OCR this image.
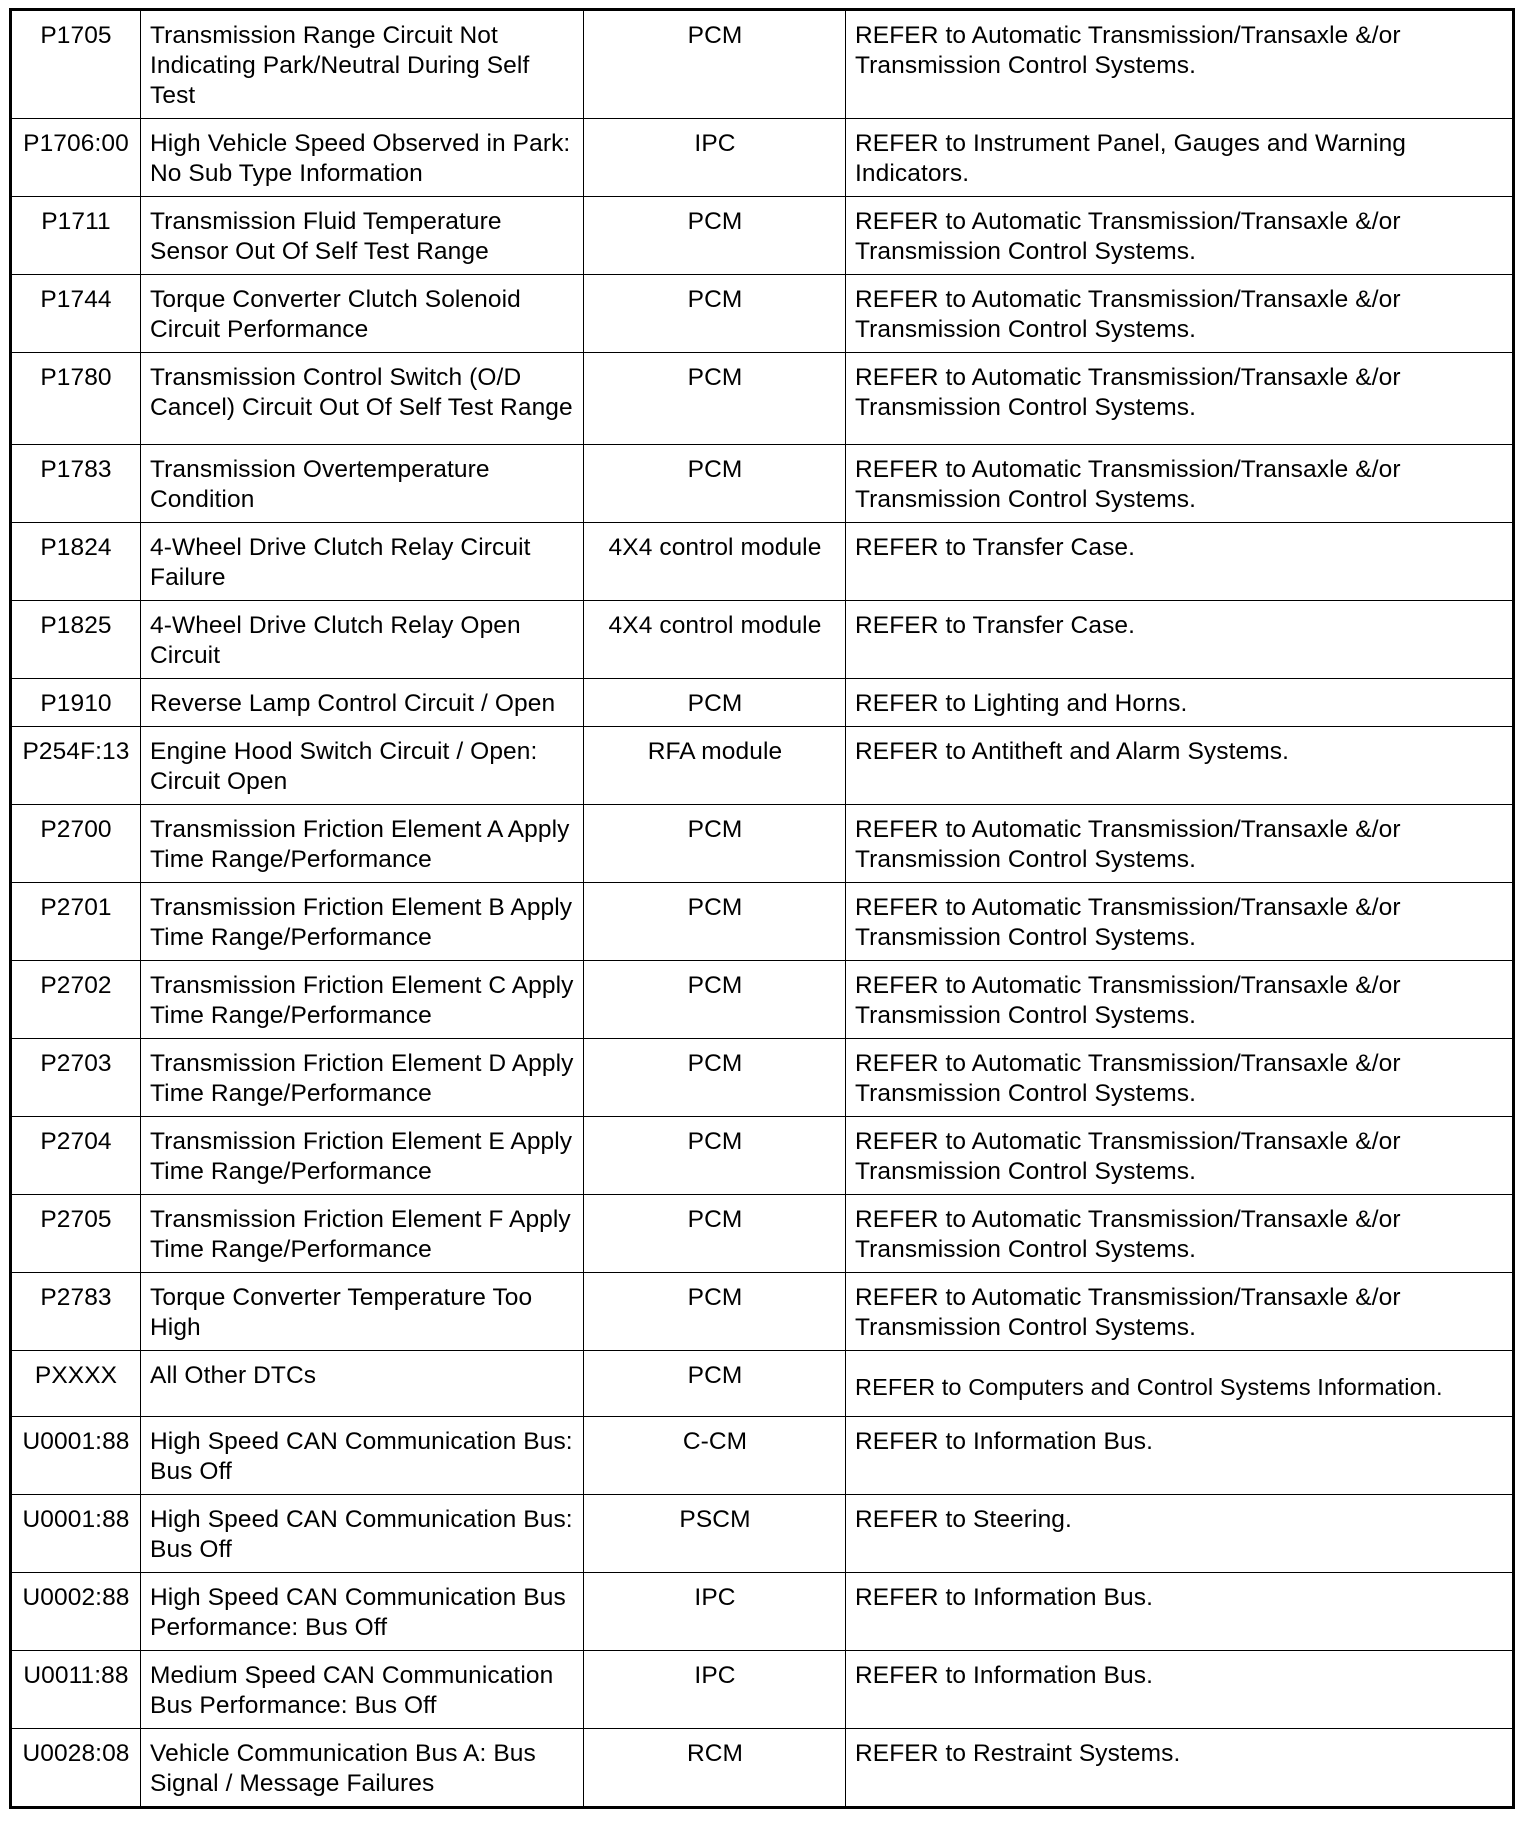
P1705	Transmission Range Circuit Not Indicating Park/Neutral During Self Test	PCM	REFER to Automatic Transmission/Transaxle &/or Transmission Control Systems.
P1706:00	High Vehicle Speed Observed in Park: No Sub Type Information	IPC	REFER to Instrument Panel, Gauges and Warning Indicators.
P1711	Transmission Fluid Temperature Sensor Out Of Self Test Range	PCM	REFER to Automatic Transmission/Transaxle &/or Transmission Control Systems.
P1744	Torque Converter Clutch Solenoid Circuit Performance	PCM	REFER to Automatic Transmission/Transaxle &/or Transmission Control Systems.
P1780	Transmission Control Switch (O/D Cancel) Circuit Out Of Self Test Range	PCM	REFER to Automatic Transmission/Transaxle &/or Transmission Control Systems.
P1783	Transmission Overtemperature Condition	PCM	REFER to Automatic Transmission/Transaxle &/or Transmission Control Systems.
P1824	4-Wheel Drive Clutch Relay Circuit Failure	4X4 control module	REFER to Transfer Case.
P1825	4-Wheel Drive Clutch Relay Open Circuit	4X4 control module	REFER to Transfer Case.
P1910	Reverse Lamp Control Circuit / Open	PCM	REFER to Lighting and Horns.
P254F:13	Engine Hood Switch Circuit / Open: Circuit Open	RFA module	REFER to Antitheft and Alarm Systems.
P2700	Transmission Friction Element A Apply Time Range/Performance	PCM	REFER to Automatic Transmission/Transaxle &/or Transmission Control Systems.
P2701	Transmission Friction Element B Apply Time Range/Performance	PCM	REFER to Automatic Transmission/Transaxle &/or Transmission Control Systems.
P2702	Transmission Friction Element C Apply Time Range/Performance	PCM	REFER to Automatic Transmission/Transaxle &/or Transmission Control Systems.
P2703	Transmission Friction Element D Apply Time Range/Performance	PCM	REFER to Automatic Transmission/Transaxle &/or Transmission Control Systems.
P2704	Transmission Friction Element E Apply Time Range/Performance	PCM	REFER to Automatic Transmission/Transaxle &/or Transmission Control Systems.
P2705	Transmission Friction Element F Apply Time Range/Performance	PCM	REFER to Automatic Transmission/Transaxle &/or Transmission Control Systems.
P2783	Torque Converter Temperature Too High	PCM	REFER to Automatic Transmission/Transaxle &/or Transmission Control Systems.
PXXXX	All Other DTCs	PCM	REFER to Computers and Control Systems Information.
U0001:88	High Speed CAN Communication Bus: Bus Off	C-CM	REFER to Information Bus.
U0001:88	High Speed CAN Communication Bus: Bus Off	PSCM	REFER to Steering.
U0002:88	High Speed CAN Communication Bus Performance: Bus Off	IPC	REFER to Information Bus.
U0011:88	Medium Speed CAN Communication Bus Performance: Bus Off	IPC	REFER to Information Bus.
U0028:08	Vehicle Communication Bus A: Bus Signal / Message Failures	RCM	REFER to Restraint Systems.
